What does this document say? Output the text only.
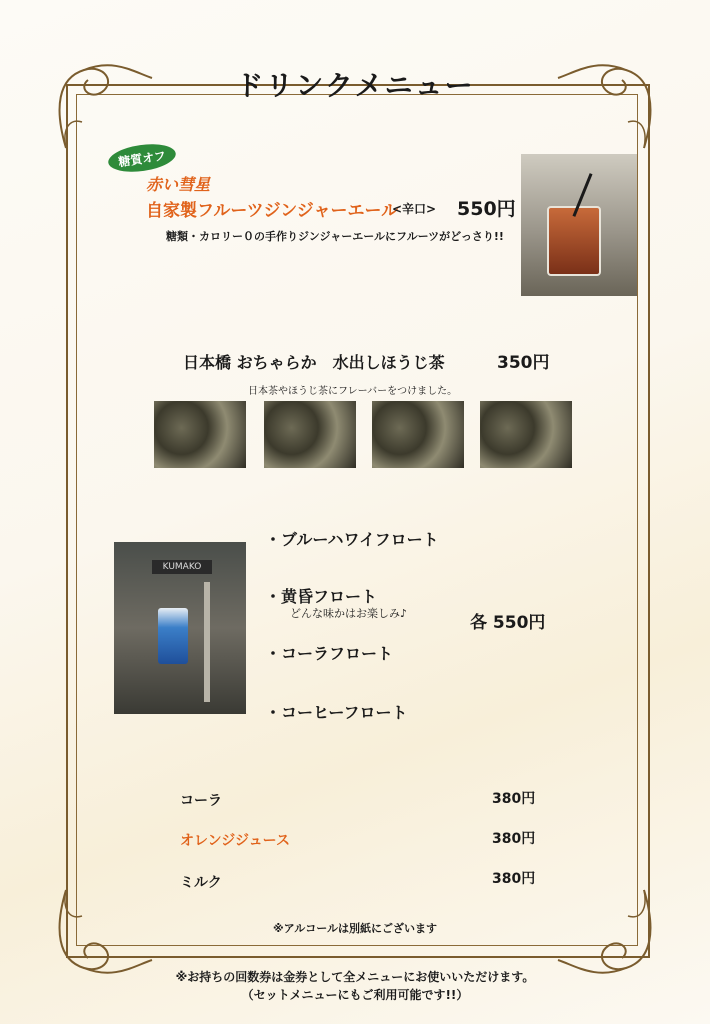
ドリンクメニュー
糖質オフ
赤い彗星
自家製フルーツジンジャーエール
<辛口> 550円
糖類・カロリー０の手作りジンジャーエールにフルーツがどっさり!!
日本橋 おちゃらか　水出しほうじ茶	350円
日本茶やほうじ茶にフレーバーをつけました。
KUMAKO
・ブルーハワイフロート
・黄昏フロート
どんな味かはお楽しみ♪	各 550円
・コーラフロート
・コーヒーフロート
コーラ	380円
オレンジジュース	380円
ミルク	380円
※アルコールは別紙にございます
※お持ちの回数券は金券として全メニューにお使いいただけます。
（セットメニューにもご利用可能です!!）
